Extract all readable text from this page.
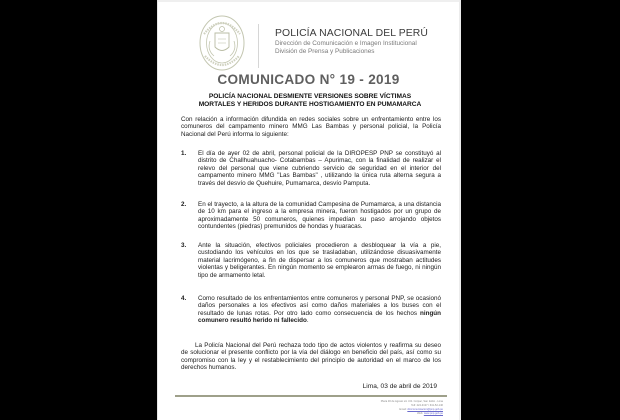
POLICÍA NACIONAL DEL PERÚ
Dirección de Comunicación e Imagen Institucional
División de Prensa y Publicaciones
COMUNICADO N° 19 - 2019
POLICÍA NACIONAL DESMIENTE VERSIONES SOBRE VÍCTIMAS
MORTALES Y HERIDOS DURANTE HOSTIGAMIENTO EN PUMAMARCA
Con relación a información difundida en redes sociales sobre un enfrentamiento entre los comuneros del campamento minero MMG Las Bambas y personal policial, la Policía Nacional del Perú informa lo siguiente:
1.	El día de ayer 02 de abril, personal policial de la DIROPESP PNP se constituyó al distrito de Challhuahuacho- Cotabambas – Apurimac, con la finalidad de realizar el relevo del personal que viene cubriendo servicio de seguridad en el interior del campamento minero MMG "Las Bambas" , utilizando la única ruta alterna segura a través del desvío de Quehuire, Pumamarca, desvío Pamputa.
2.	En el trayecto, a la altura de la comunidad Campesina de Pumamarca, a una distancia de 10 km para el ingreso a la empresa minera, fueron hostigados por un grupo de aproximadamente 50 comuneros, quienes impedían su paso arrojando objetos contundentes (piedras) premunidos de hondas y huaracas.
3.	Ante la situación, efectivos policiales procedieron a desbloquear la vía a pie, custodiando los vehículos en los que se trasladaban, utilizándose disuasivamente material lacrimógeno, a fin de dispersar a los comuneros que mostraban actitudes violentas y beligerantes. En ningún momento se emplearon armas de fuego, ni ningún tipo de armamento letal.
4.	Como resultado de los enfrentamientos entre comuneros y personal PNP, se ocasionó daños personales a los efectivos así como daños materiales a los buses con el resultado de lunas rotas. Por otro lado como consecuencia de los hechos ningún comunero resultó herido ni fallecido.
La Policía Nacional del Perú rechaza todo tipo de actos violentos y reafirma su deseo de solucionar el presente conflicto por la vía del diálogo en beneficio del país, así como su compromiso con la ley y el restablecimiento del principio de autoridad en el marco de los derechos humanos.
Lima, 03 de abril de 2019
Plaza 30 de Agosto s/n Urb. Corpac, San Isidro - Lima
Telf. 224-3137 / 641-52-146
Email: dirccomunicacion@pnp.gob.pe
Web: www.pnp.gob.pe
